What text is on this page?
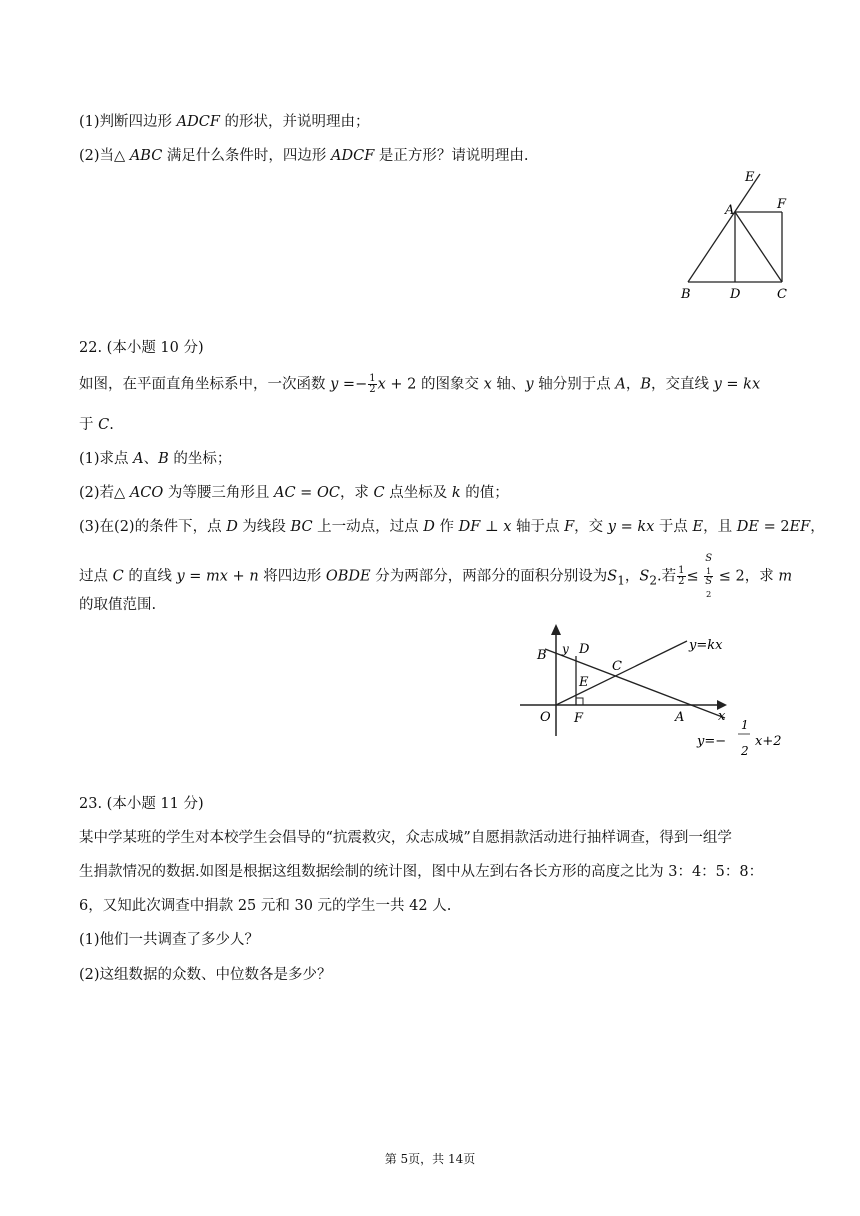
(1)判断四边形 ADCF 的形状，并说明理由；
(2)当△ ABC 满足什么条件时，四边形 ADCF 是正方形？请说明理由.
E
F
A
B	D	C
22. (本小题 10 分)
如图，在平面直角坐标系中，一次函数 $y =- \frac{1}{2}$ x + 2 的图象交 x 轴、y 轴分别于点 A，B，交直线 y = kx
于 C.
(1)求点 A、B 的坐标；
(2)若△ ACO 为等腰三角形且 AC = OC，求 C 点坐标及 k 的值；
(3)在(2)的条件下，点 D 为线段 BC 上一动点，过点 D 作 DF ⊥ x 轴于点 F，交 y = kx 于点 E，且 DE = 2EF，
过点 C 的直线 y = mx + n 将四边形 OBDE 分为两部分，两部分的面积分别设为$S_1$，$S_2$.若 $\frac{1}{2} \le S$
$_1$
S
$_2$ ≤ 2，求 m
的取值范围.
y
B D
C
y=kx
E
x
O F	A
y=−
1
2
x+2
23. (本小题 11 分)
某中学某班的学生对本校学生会倡导的“抗震救灾，众志成城”自愿捐款活动进行抽样调查，得到一组学
生捐款情况的数据.如图是根据这组数据绘制的统计图，图中从左到右各长方形的高度之比为 3：4：5：8：
6，又知此次调查中捐款 25 元和 30 元的学生一共 42 人.
(1)他们一共调查了多少人？
(2)这组数据的众数、中位数各是多少？
第 5页，共 14页
